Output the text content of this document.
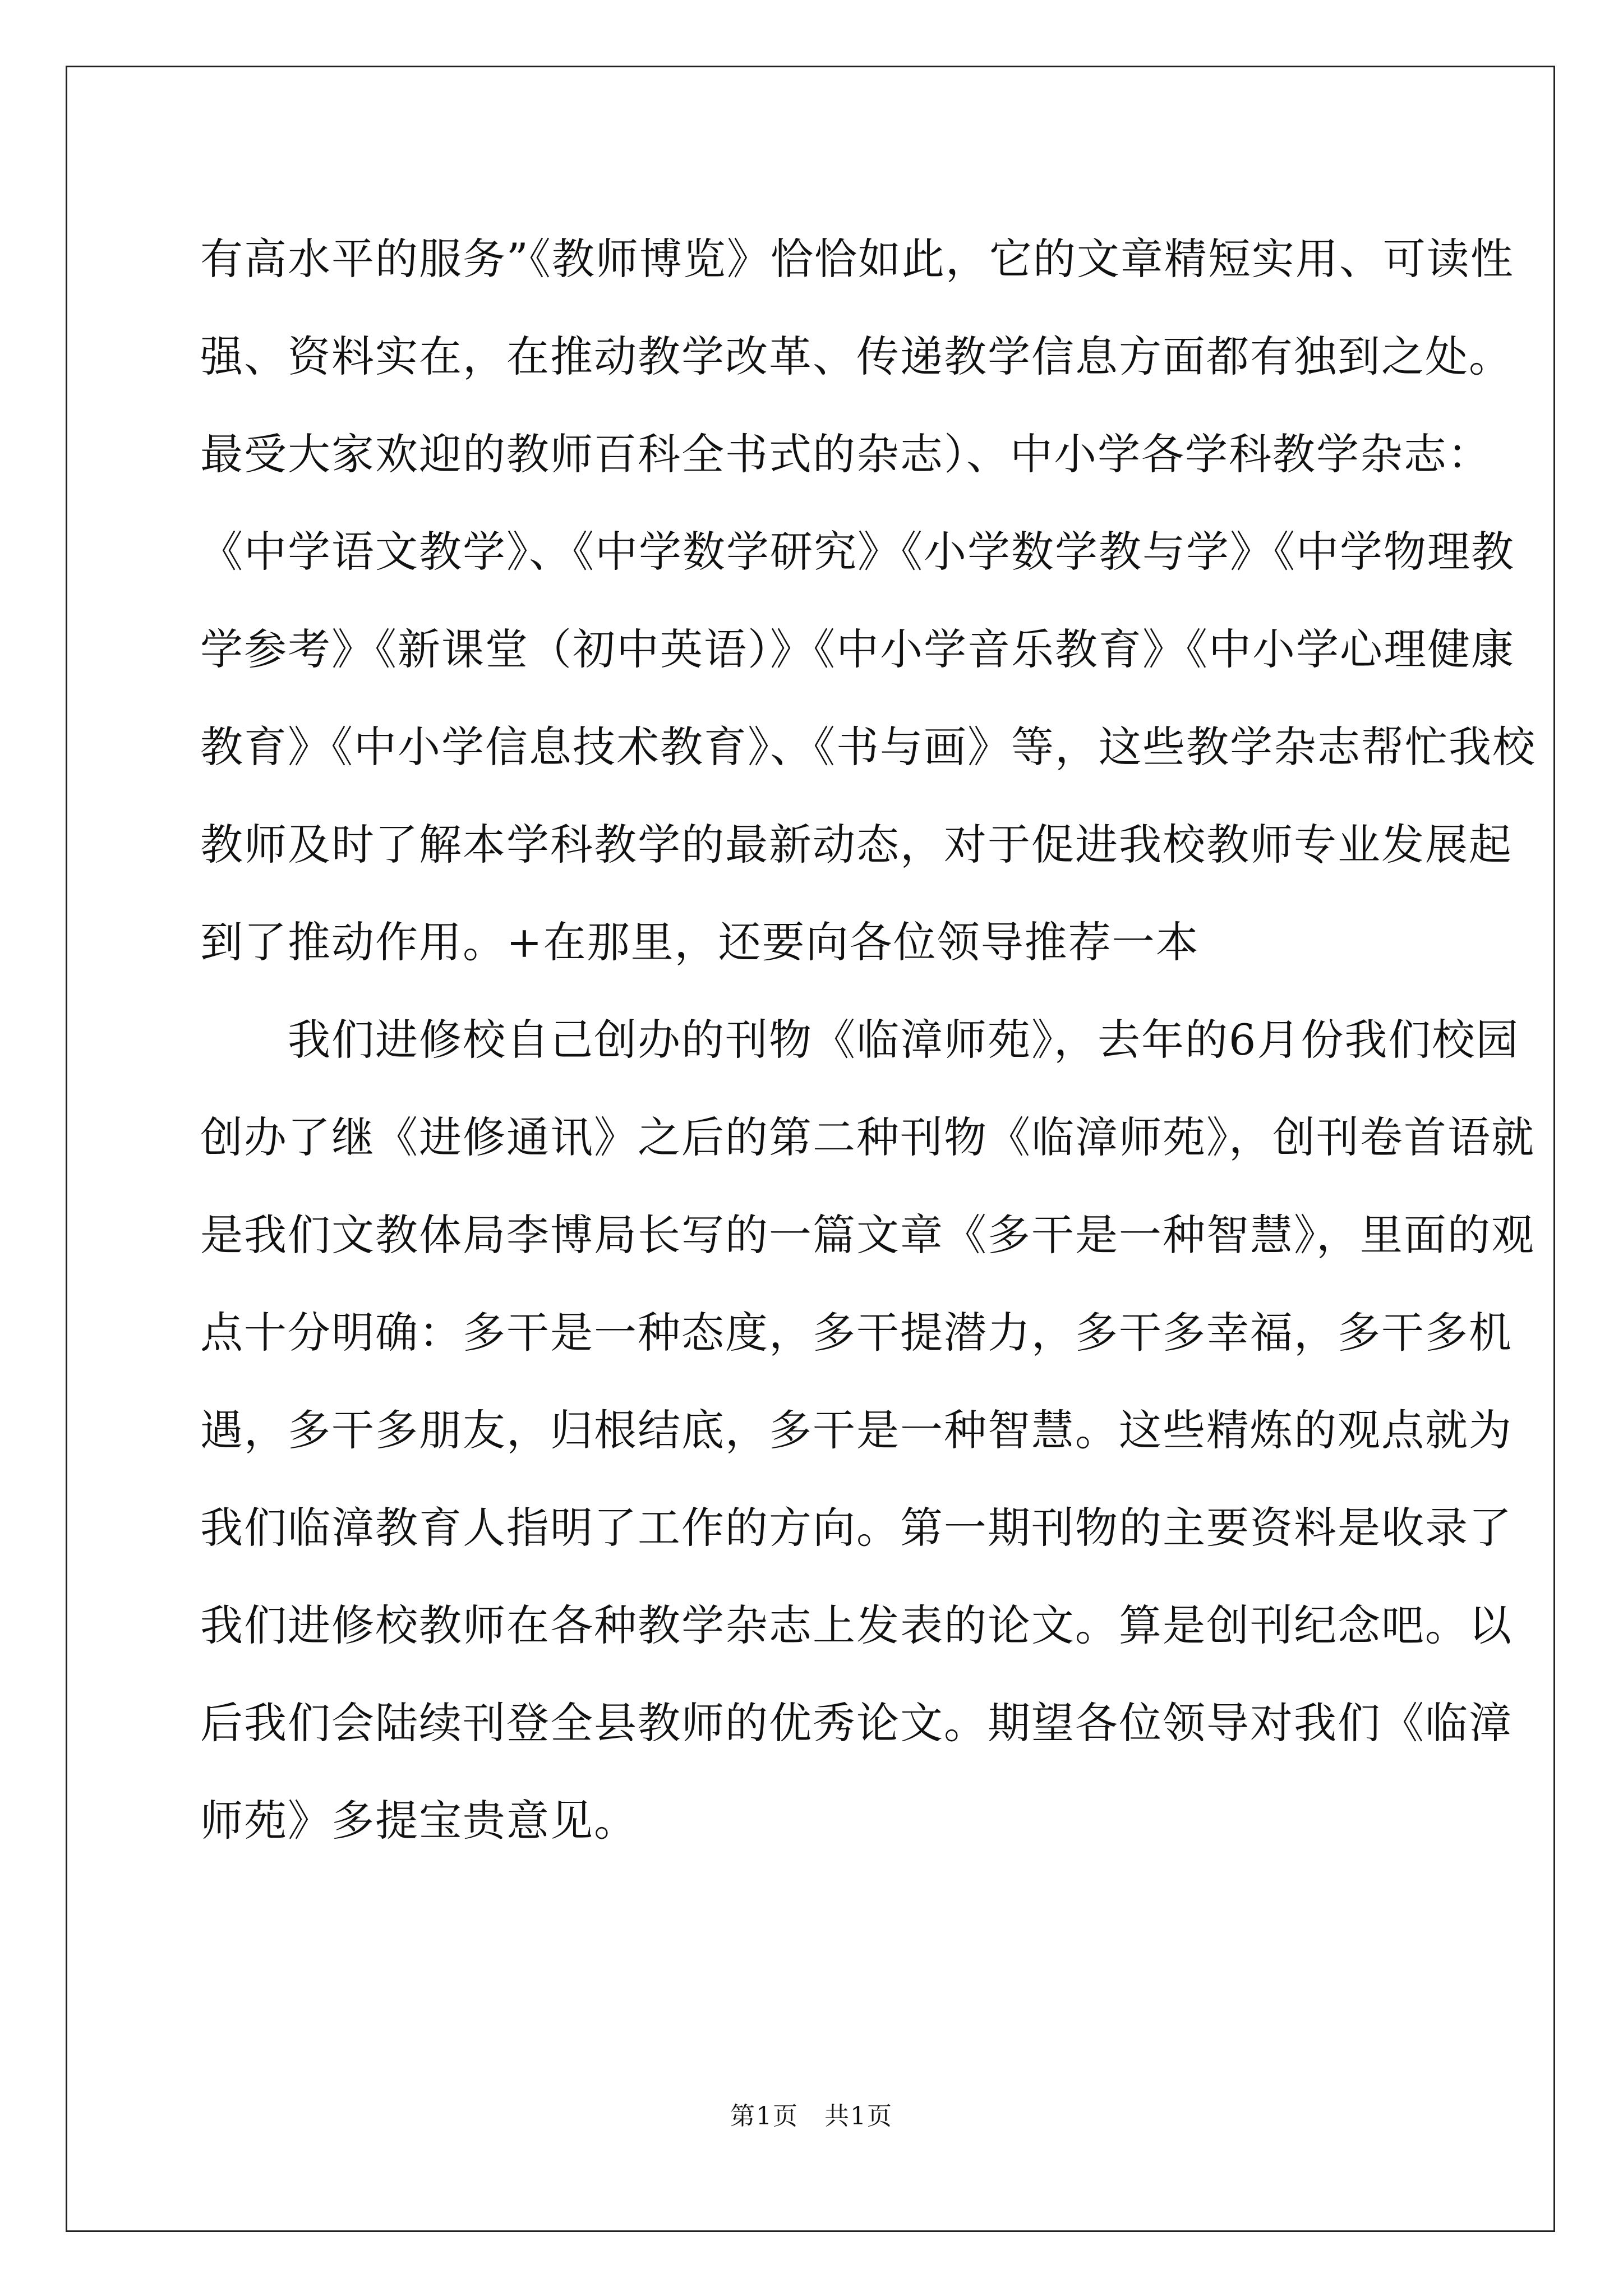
有高水平的服务”《教师博览》恰恰如此，它的文章精短实用、可读性
强、资料实在，在推动教学改革、传递教学信息方面都有独到之处。
最受大家欢迎的教师百科全书式的杂志）、中小学各学科教学杂志：
《中学语文教学》、《中学数学研究》《小学数学教与学》《中学物理教
学参考》《新课堂（初中英语）》《中小学音乐教育》《中小学心理健康
教育》《中小学信息技术教育》、《书与画》等，这些教学杂志帮忙我校
教师及时了解本学科教学的最新动态，对于促进我校教师专业发展起
到了推动作用。+在那里，还要向各位领导推荐一本
我们进修校自己创办的刊物《临漳师苑》，去年的6月份我们校园
创办了继《进修通讯》之后的第二种刊物《临漳师苑》，创刊卷首语就
是我们文教体局李博局长写的一篇文章《多干是一种智慧》，里面的观
点十分明确：多干是一种态度，多干提潜力，多干多幸福，多干多机
遇，多干多朋友，归根结底，多干是一种智慧。这些精炼的观点就为
我们临漳教育人指明了工作的方向。第一期刊物的主要资料是收录了
我们进修校教师在各种教学杂志上发表的论文。算是创刊纪念吧。以
后我们会陆续刊登全县教师的优秀论文。期望各位领导对我们《临漳
师苑》多提宝贵意见。
第1页　共1页
